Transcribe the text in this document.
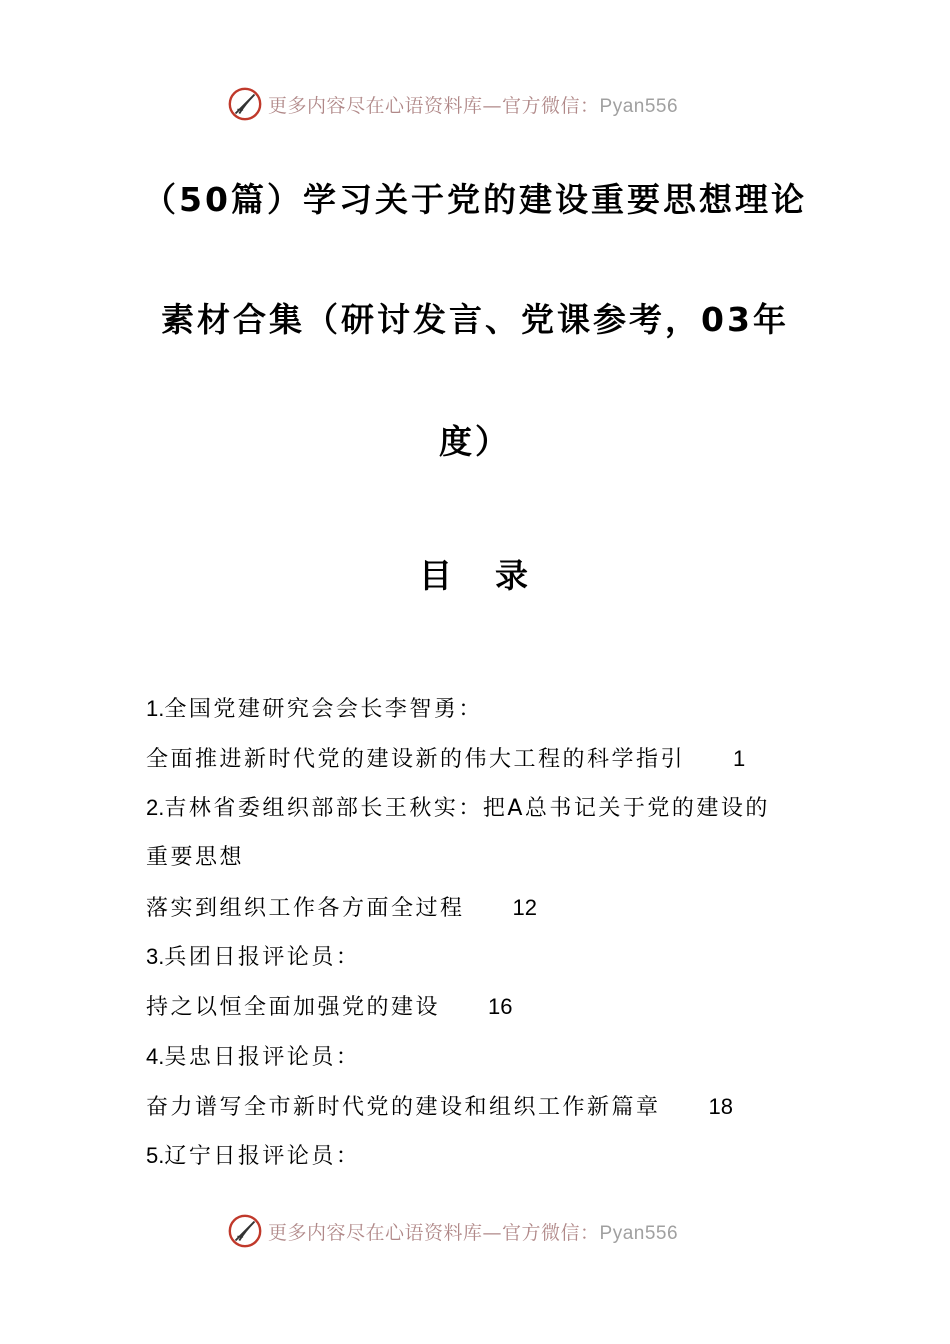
更多内容尽在心语资料库—官方微信：Pyan556
（50篇）学习关于党的建设重要思想理论
素材合集（研讨发言、党课参考，03年
度）
目 录
1.全国党建研究会会长李智勇：
全面推进新时代党的建设新的伟大工程的科学指引 1
2.吉林省委组织部部长王秋实：把A总书记关于党的建设的
重要思想
落实到组织工作各方面全过程 12
3.兵团日报评论员：
持之以恒全面加强党的建设 16
4.吴忠日报评论员：
奋力谱写全市新时代党的建设和组织工作新篇章 18
5.辽宁日报评论员：
更多内容尽在心语资料库—官方微信：Pyan556
